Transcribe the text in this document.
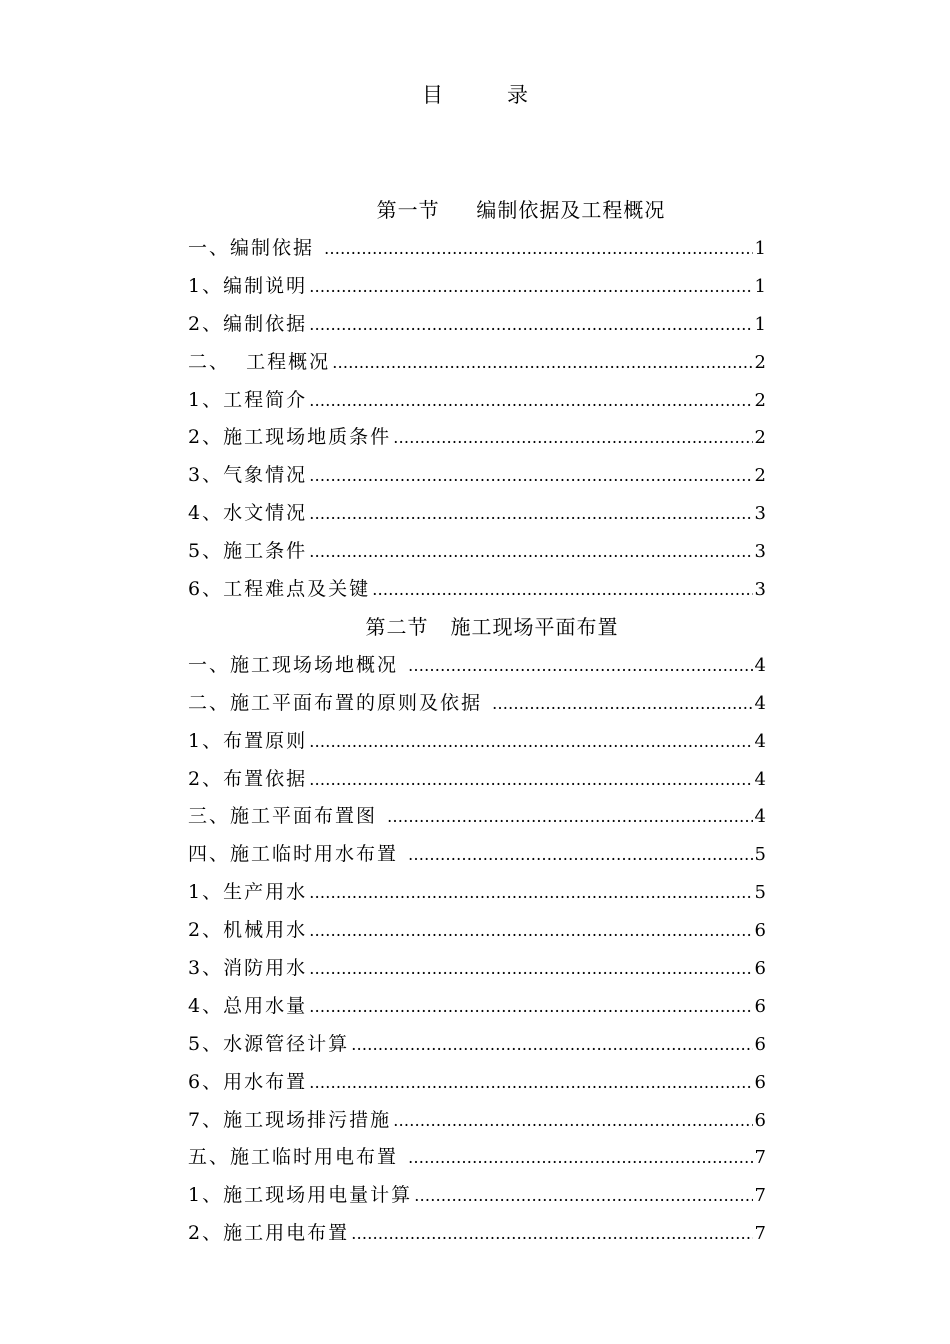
目	录
第一节     编制依据及工程概况
一、编制依据 …………………………………………………………………………………………………………………………………………………………	1
1、编制说明 …………………………………………………………………………………………………………………………………………………………	1
2、编制依据 …………………………………………………………………………………………………………………………………………………………	1
二、  工程概况 …………………………………………………………………………………………………………………………………………………………	2
1、工程简介 …………………………………………………………………………………………………………………………………………………………	2
2、施工现场地质条件 …………………………………………………………………………………………………………………………………………………………	2
3、气象情况 …………………………………………………………………………………………………………………………………………………………	2
4、水文情况 …………………………………………………………………………………………………………………………………………………………	3
5、施工条件 …………………………………………………………………………………………………………………………………………………………	3
6、工程难点及关键 …………………………………………………………………………………………………………………………………………………………	3
第二节   施工现场平面布置
一、施工现场场地概况 …………………………………………………………………………………………………………………………………………………………	4
二、施工平面布置的原则及依据 …………………………………………………………………………………………………………………………………………………………	4
1、布置原则 …………………………………………………………………………………………………………………………………………………………	4
2、布置依据 …………………………………………………………………………………………………………………………………………………………	4
三、施工平面布置图 …………………………………………………………………………………………………………………………………………………………	4
四、施工临时用水布置 …………………………………………………………………………………………………………………………………………………………	5
1、生产用水 …………………………………………………………………………………………………………………………………………………………	5
2、机械用水 …………………………………………………………………………………………………………………………………………………………	6
3、消防用水 …………………………………………………………………………………………………………………………………………………………	6
4、总用水量 …………………………………………………………………………………………………………………………………………………………	6
5、水源管径计算 …………………………………………………………………………………………………………………………………………………………	6
6、用水布置 …………………………………………………………………………………………………………………………………………………………	6
7、施工现场排污措施 …………………………………………………………………………………………………………………………………………………………	6
五、施工临时用电布置 …………………………………………………………………………………………………………………………………………………………	7
1、施工现场用电量计算 …………………………………………………………………………………………………………………………………………………………	7
2、施工用电布置 …………………………………………………………………………………………………………………………………………………………	7
